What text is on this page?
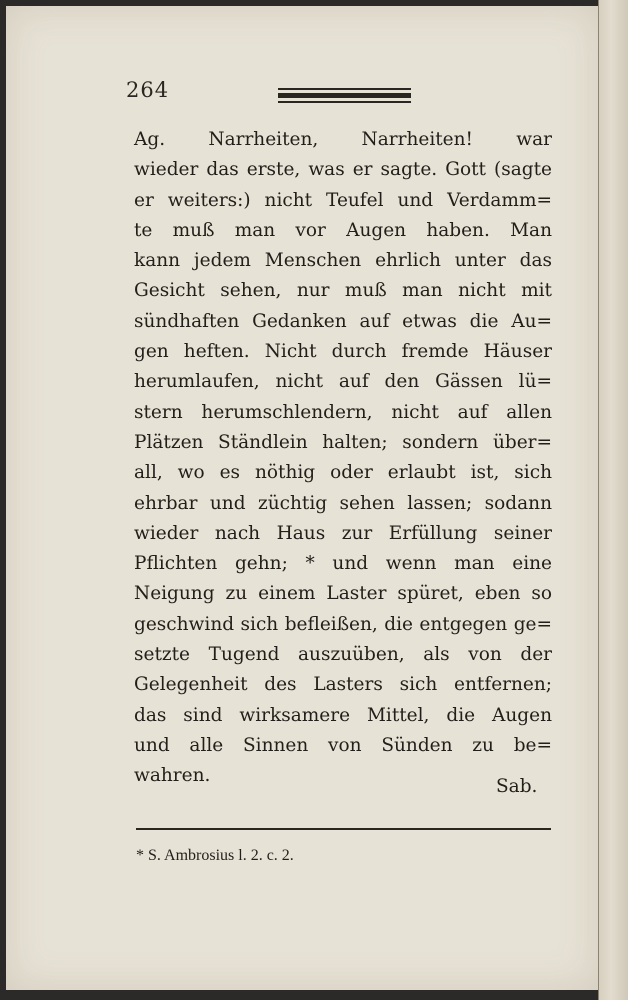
264
Ag. Narrheiten, Narrheiten! war
wieder das erste, was er sagte. Gott (sagte
er weiters:) nicht Teufel und Verdamm=
te muß man vor Augen haben. Man
kann jedem Menschen ehrlich unter das
Gesicht sehen, nur muß man nicht mit
sündhaften Gedanken auf etwas die Au=
gen heften. Nicht durch fremde Häuser
herumlaufen, nicht auf den Gässen lü=
stern herumschlendern, nicht auf allen
Plätzen Ständlein halten; sondern über=
all, wo es nöthig oder erlaubt ist, sich
ehrbar und züchtig sehen lassen; sodann
wieder nach Haus zur Erfüllung seiner
Pflichten gehn; * und wenn man eine
Neigung zu einem Laster spüret, eben so
geschwind sich befleißen, die entgegen ge=
setzte Tugend auszuüben, als von der
Gelegenheit des Lasters sich entfernen;
das sind wirksamere Mittel, die Augen
und alle Sinnen von Sünden zu be=
wahren.
Sab.
* S. Ambrosius l. 2. c. 2.
